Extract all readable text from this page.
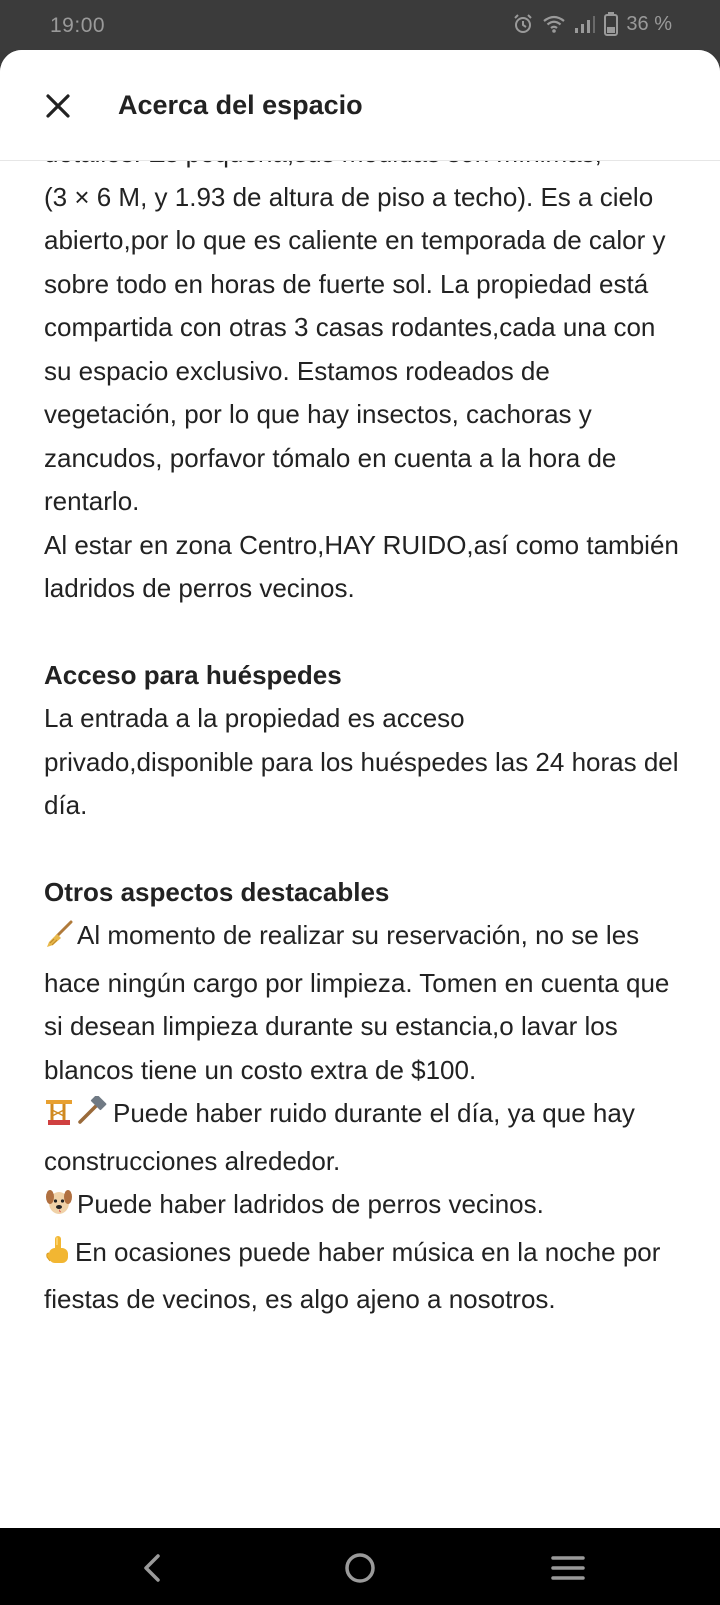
19:00	36 %

(3 × 6 M, y 1.93 de altura de piso a techo). Es a cielo abierto,por lo que es caliente en temporada de calor y sobre todo en horas de fuerte sol. La propiedad está compartida con otras 3 casas rodantes,cada una con su espacio exclusivo. Estamos rodeados de vegetación, por lo que hay insectos, cachoras y zancudos, porfavor tómalo en cuenta a la hora de rentarlo.

Al estar en zona Centro,HAY RUIDO,así como también ladridos de perros vecinos.

Acceso para huéspedes

La entrada a la propiedad es acceso privado,disponible para los huéspedes las 24 horas del día.

Otros aspectos destacables

Al momento de realizar su reservación, no se les hace ningún cargo por limpieza. Tomen en cuenta que si desean limpieza durante su estancia,o lavar los blancos tiene un costo extra de $100.

Puede haber ruido durante el día, ya que hay construcciones alrededor.

Puede haber ladridos de perros vecinos.

En ocasiones puede haber música en la noche por fiestas de vecinos, es algo ajeno a nosotros.

Acerca del espacio
